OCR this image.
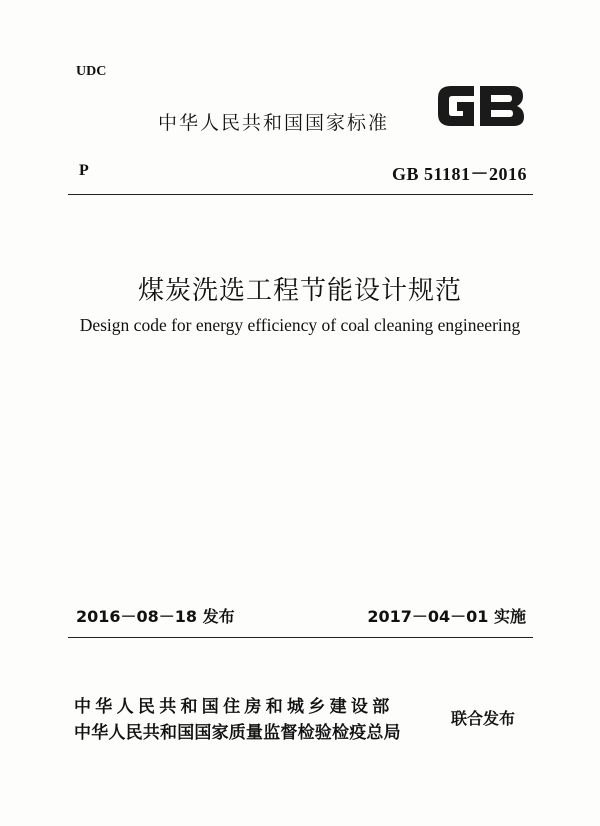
UDC
中华人民共和国国家标准
P	GB 51181－2016
煤炭洗选工程节能设计规范
Design code for energy efficiency of coal cleaning engineering
2016－08－18 发布	2017－04－01 实施
中华人民共和国住房和城乡建设部
中华人民共和国国家质量监督检验检疫总局
联合发布
